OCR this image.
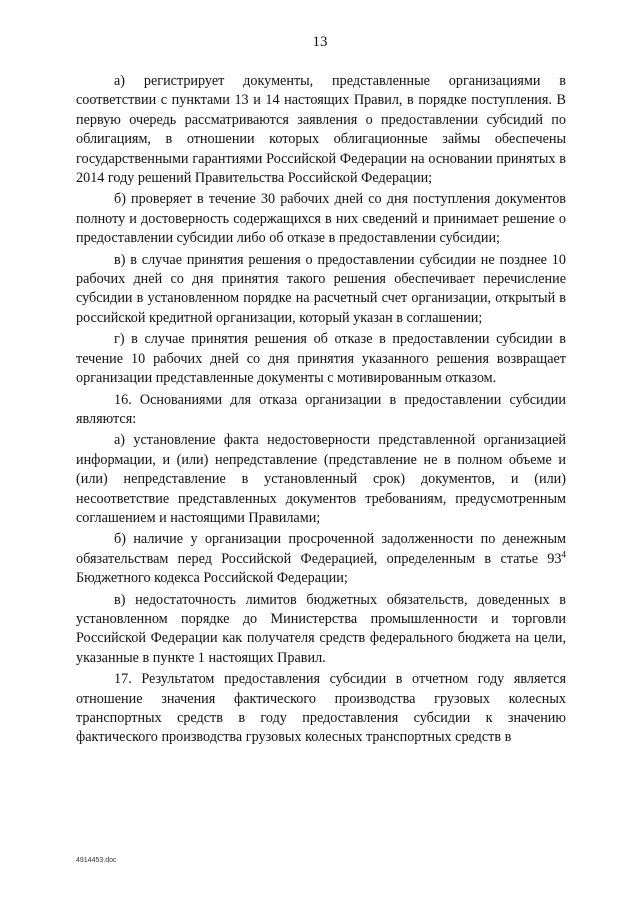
13

а) регистрирует документы, представленные организациями в соответствии с пунктами 13 и 14 настоящих Правил, в порядке поступления. В первую очередь рассматриваются заявления о предоставлении субсидий по облигациям, в отношении которых облигационные займы обеспечены государственными гарантиями Российской Федерации на основании принятых в 2014 году решений Правительства Российской Федерации;

б) проверяет в течение 30 рабочих дней со дня поступления документов полноту и достоверность содержащихся в них сведений и принимает решение о предоставлении субсидии либо об отказе в предоставлении субсидии;

в) в случае принятия решения о предоставлении субсидии не позднее 10 рабочих дней со дня принятия такого решения обеспечивает перечисление субсидии в установленном порядке на расчетный счет организации, открытый в российской кредитной организации, который указан в соглашении;

г) в случае принятия решения об отказе в предоставлении субсидии в течение 10 рабочих дней со дня принятия указанного решения возвращает организации представленные документы с мотивированным отказом.

16. Основаниями для отказа организации в предоставлении субсидии являются:

а) установление факта недостоверности представленной организацией информации, и (или) непредставление (представление не в полном объеме и (или) непредставление в установленный срок) документов, и (или) несоответствие представленных документов требованиям, предусмотренным соглашением и настоящими Правилами;

б) наличие у организации просроченной задолженности по денежным обязательствам перед Российской Федерацией, определенным в статье $93^4$ Бюджетного кодекса Российской Федерации;

в) недостаточность лимитов бюджетных обязательств, доведенных в установленном порядке до Министерства промышленности и торговли Российской Федерации как получателя средств федерального бюджета на цели, указанные в пункте 1 настоящих Правил.

17. Результатом предоставления субсидии в отчетном году является отношение значения фактического производства грузовых колесных транспортных средств в году предоставления субсидии к значению фактического производства грузовых колесных транспортных средств в

4914453.doc
